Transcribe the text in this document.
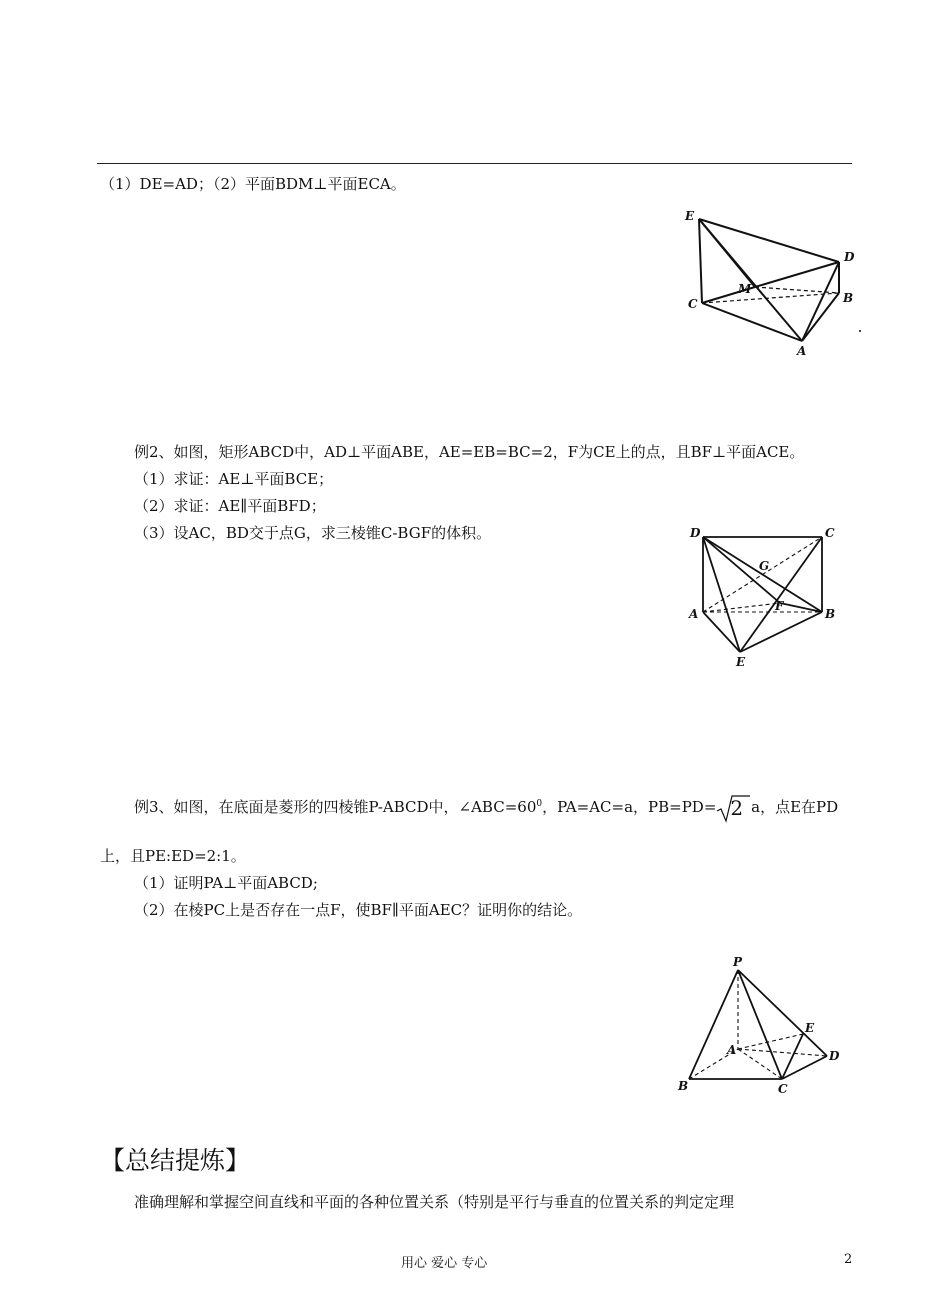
（1）DE=AD；（2）平面BDM⊥平面ECA。
E
D
M
C	B
A
例2、如图，矩形ABCD中，AD⊥平面ABE，AE=EB=BC=2，F为CE上的点，且BF⊥平面ACE。
（1）求证：AE⊥平面BCE；
（2）求证：AE∥平面BFD；
（3）设AC，BD交于点G，求三棱锥C-BGF的体积。	D	C
G
F
A	B
E
例3、如图，在底面是菱形的四棱锥P-ABCD中，$\angle ABC=60^0$，PA=AC=a，PB=PD= 2 a，点E在PD
上，且PE:ED=2:1。
（1）证明PA⊥平面ABCD;
（2）在棱PC上是否存在一点F，使BF∥平面AEC？证明你的结论。
P
E
A	D
B	C
【总结提炼】
准确理解和掌握空间直线和平面的各种位置关系（特别是平行与垂直的位置关系的判定定理
用心 爱心 专心	2
